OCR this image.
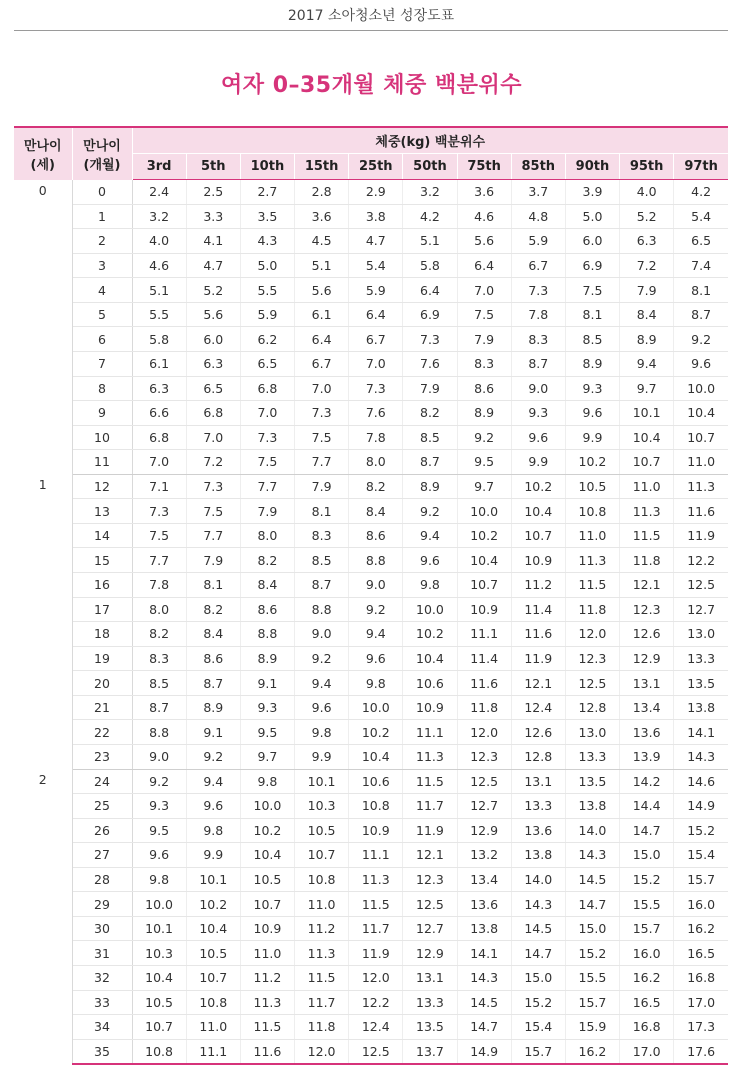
2017 소아청소년 성장도표
여자 0–35개월 체중 백분위수
만나이 (세)	만나이 (개월)	체중(kg) 백분위수										
		3rd	5th	10th	15th	25th	50th	75th	85th	90th	95th	97th
0	0	2.4	2.5	2.7	2.8	2.9	3.2	3.6	3.7	3.9	4.0	4.2
	1	3.2	3.3	3.5	3.6	3.8	4.2	4.6	4.8	5.0	5.2	5.4
	2	4.0	4.1	4.3	4.5	4.7	5.1	5.6	5.9	6.0	6.3	6.5
	3	4.6	4.7	5.0	5.1	5.4	5.8	6.4	6.7	6.9	7.2	7.4
	4	5.1	5.2	5.5	5.6	5.9	6.4	7.0	7.3	7.5	7.9	8.1
	5	5.5	5.6	5.9	6.1	6.4	6.9	7.5	7.8	8.1	8.4	8.7
	6	5.8	6.0	6.2	6.4	6.7	7.3	7.9	8.3	8.5	8.9	9.2
	7	6.1	6.3	6.5	6.7	7.0	7.6	8.3	8.7	8.9	9.4	9.6
	8	6.3	6.5	6.8	7.0	7.3	7.9	8.6	9.0	9.3	9.7	10.0
	9	6.6	6.8	7.0	7.3	7.6	8.2	8.9	9.3	9.6	10.1	10.4
	10	6.8	7.0	7.3	7.5	7.8	8.5	9.2	9.6	9.9	10.4	10.7
	11	7.0	7.2	7.5	7.7	8.0	8.7	9.5	9.9	10.2	10.7	11.0
1	12	7.1	7.3	7.7	7.9	8.2	8.9	9.7	10.2	10.5	11.0	11.3
	13	7.3	7.5	7.9	8.1	8.4	9.2	10.0	10.4	10.8	11.3	11.6
	14	7.5	7.7	8.0	8.3	8.6	9.4	10.2	10.7	11.0	11.5	11.9
	15	7.7	7.9	8.2	8.5	8.8	9.6	10.4	10.9	11.3	11.8	12.2
	16	7.8	8.1	8.4	8.7	9.0	9.8	10.7	11.2	11.5	12.1	12.5
	17	8.0	8.2	8.6	8.8	9.2	10.0	10.9	11.4	11.8	12.3	12.7
	18	8.2	8.4	8.8	9.0	9.4	10.2	11.1	11.6	12.0	12.6	13.0
	19	8.3	8.6	8.9	9.2	9.6	10.4	11.4	11.9	12.3	12.9	13.3
	20	8.5	8.7	9.1	9.4	9.8	10.6	11.6	12.1	12.5	13.1	13.5
	21	8.7	8.9	9.3	9.6	10.0	10.9	11.8	12.4	12.8	13.4	13.8
	22	8.8	9.1	9.5	9.8	10.2	11.1	12.0	12.6	13.0	13.6	14.1
	23	9.0	9.2	9.7	9.9	10.4	11.3	12.3	12.8	13.3	13.9	14.3
2	24	9.2	9.4	9.8	10.1	10.6	11.5	12.5	13.1	13.5	14.2	14.6
	25	9.3	9.6	10.0	10.3	10.8	11.7	12.7	13.3	13.8	14.4	14.9
	26	9.5	9.8	10.2	10.5	10.9	11.9	12.9	13.6	14.0	14.7	15.2
	27	9.6	9.9	10.4	10.7	11.1	12.1	13.2	13.8	14.3	15.0	15.4
	28	9.8	10.1	10.5	10.8	11.3	12.3	13.4	14.0	14.5	15.2	15.7
	29	10.0	10.2	10.7	11.0	11.5	12.5	13.6	14.3	14.7	15.5	16.0
	30	10.1	10.4	10.9	11.2	11.7	12.7	13.8	14.5	15.0	15.7	16.2
	31	10.3	10.5	11.0	11.3	11.9	12.9	14.1	14.7	15.2	16.0	16.5
	32	10.4	10.7	11.2	11.5	12.0	13.1	14.3	15.0	15.5	16.2	16.8
	33	10.5	10.8	11.3	11.7	12.2	13.3	14.5	15.2	15.7	16.5	17.0
	34	10.7	11.0	11.5	11.8	12.4	13.5	14.7	15.4	15.9	16.8	17.3
	35	10.8	11.1	11.6	12.0	12.5	13.7	14.9	15.7	16.2	17.0	17.6
